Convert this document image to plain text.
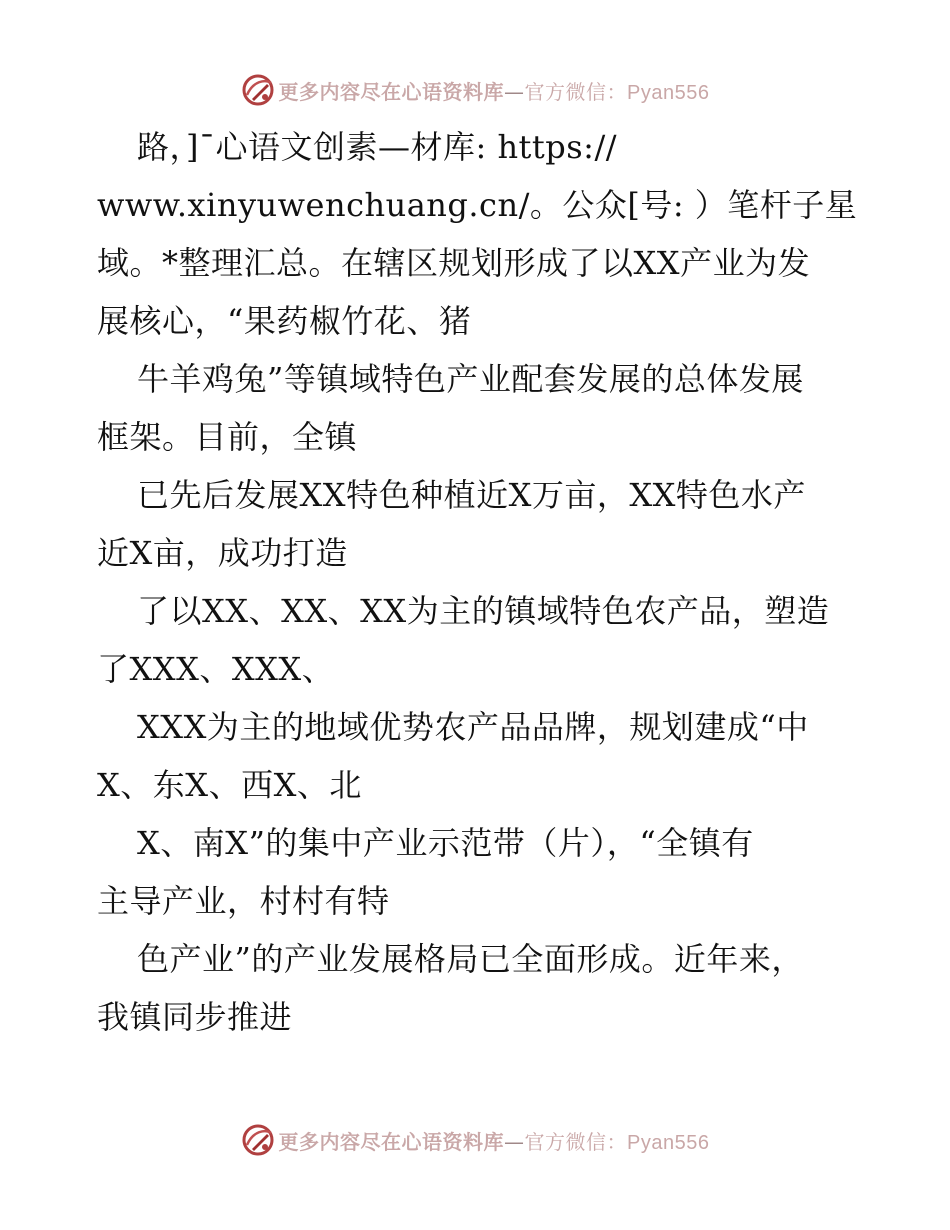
更多内容尽在心语资料库—官方微信：Pyan556
路，]¯心语文创素—材库: https://
www.xinyuwenchuang.cn/。公众[号: ）笔杆子星
域。*整理汇总。在辖区规划形成了以XX产业为发
展核心，“果药椒竹花、猪
牛羊鸡兔”等镇域特色产业配套发展的总体发展
框架。目前，全镇
已先后发展XX特色种植近X万亩，XX特色水产
近X亩，成功打造
了以XX、XX、XX为主的镇域特色农产品，塑造
了XXX、XXX、
XXX为主的地域优势农产品品牌，规划建成“中
X、东X、西X、北
X、南X”的集中产业示范带（片），“全镇有
主导产业，村村有特
色产业”的产业发展格局已全面形成。近年来，
我镇同步推进
更多内容尽在心语资料库—官方微信：Pyan556
